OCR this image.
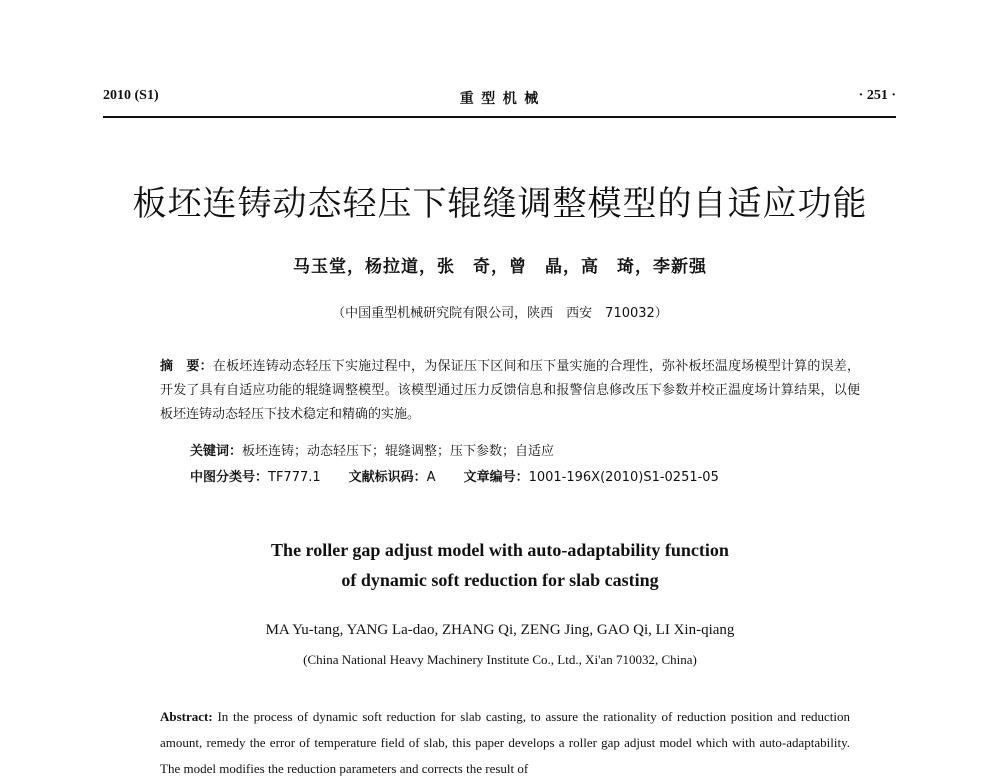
2010 (S1)	重 型 机 械	· 251 ·
板坯连铸动态轻压下辊缝调整模型的自适应功能
马玉堂，杨拉道，张　奇，曾　晶，高　琦，李新强
（中国重型机械研究院有限公司，陕西　西安　710032）
摘　要：在板坯连铸动态轻压下实施过程中，为保证压下区间和压下量实施的合理性，弥补板坯温度场模型计算的误差，开发了具有自适应功能的辊缝调整模型。该模型通过压力反馈信息和报警信息修改压下参数并校正温度场计算结果，以便板坯连铸动态轻压下技术稳定和精确的实施。
关键词：板坯连铸；动态轻压下；辊缝调整；压下参数；自适应
中图分类号：TF777.1 文献标识码：A 文章编号：1001-196X(2010)S1-0251-05
The roller gap adjust model with auto-adaptability function
of dynamic soft reduction for slab casting
MA Yu-tang, YANG La-dao, ZHANG Qi, ZENG Jing, GAO Qi, LI Xin-qiang
(China National Heavy Machinery Institute Co., Ltd., Xi'an 710032, China)
Abstract: In the process of dynamic soft reduction for slab casting, to assure the rationality of reduction position and reduction amount, remedy the error of temperature field of slab, this paper develops a roller gap adjust model which with auto-adaptability. The model modifies the reduction parameters and corrects the result of
